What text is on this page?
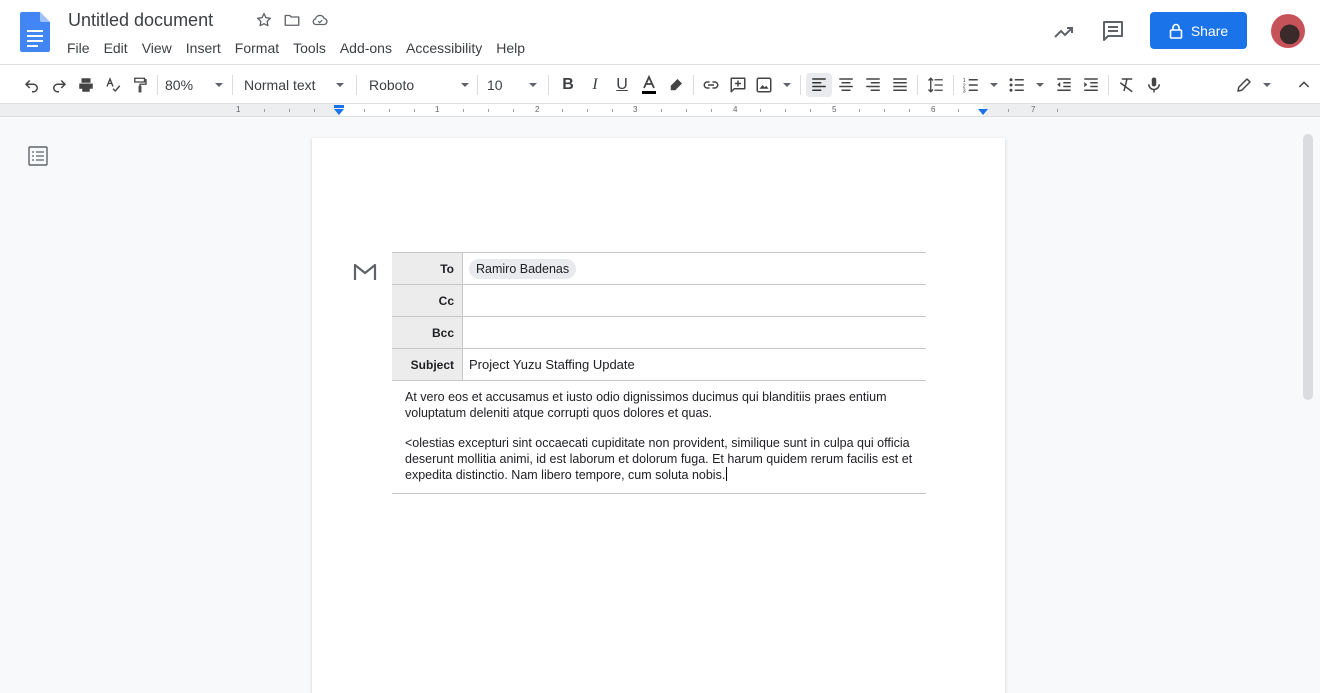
Untitled document
File	Edit	View	Insert	Format	Tools	Add-ons	Accessibility	Help
Share
80%	Normal text	Roboto	10	B	I	U	1
2
3
1	1	2	3	4	5	6	7
To	Ramiro Badenas
Cc
Bcc
Subject	Project Yuzu Staffing Update

At vero eos et accusamus et iusto odio dignissimos ducimus qui blanditiis praes entium voluptatum deleniti atque corrupti quos dolores et quas.

<olestias excepturi sint occaecati cupiditate non provident, similique sunt in culpa qui officia deserunt mollitia animi, id est laborum et dolorum fuga. Et harum quidem rerum facilis est et expedita distinctio. Nam libero tempore, cum soluta nobis.
